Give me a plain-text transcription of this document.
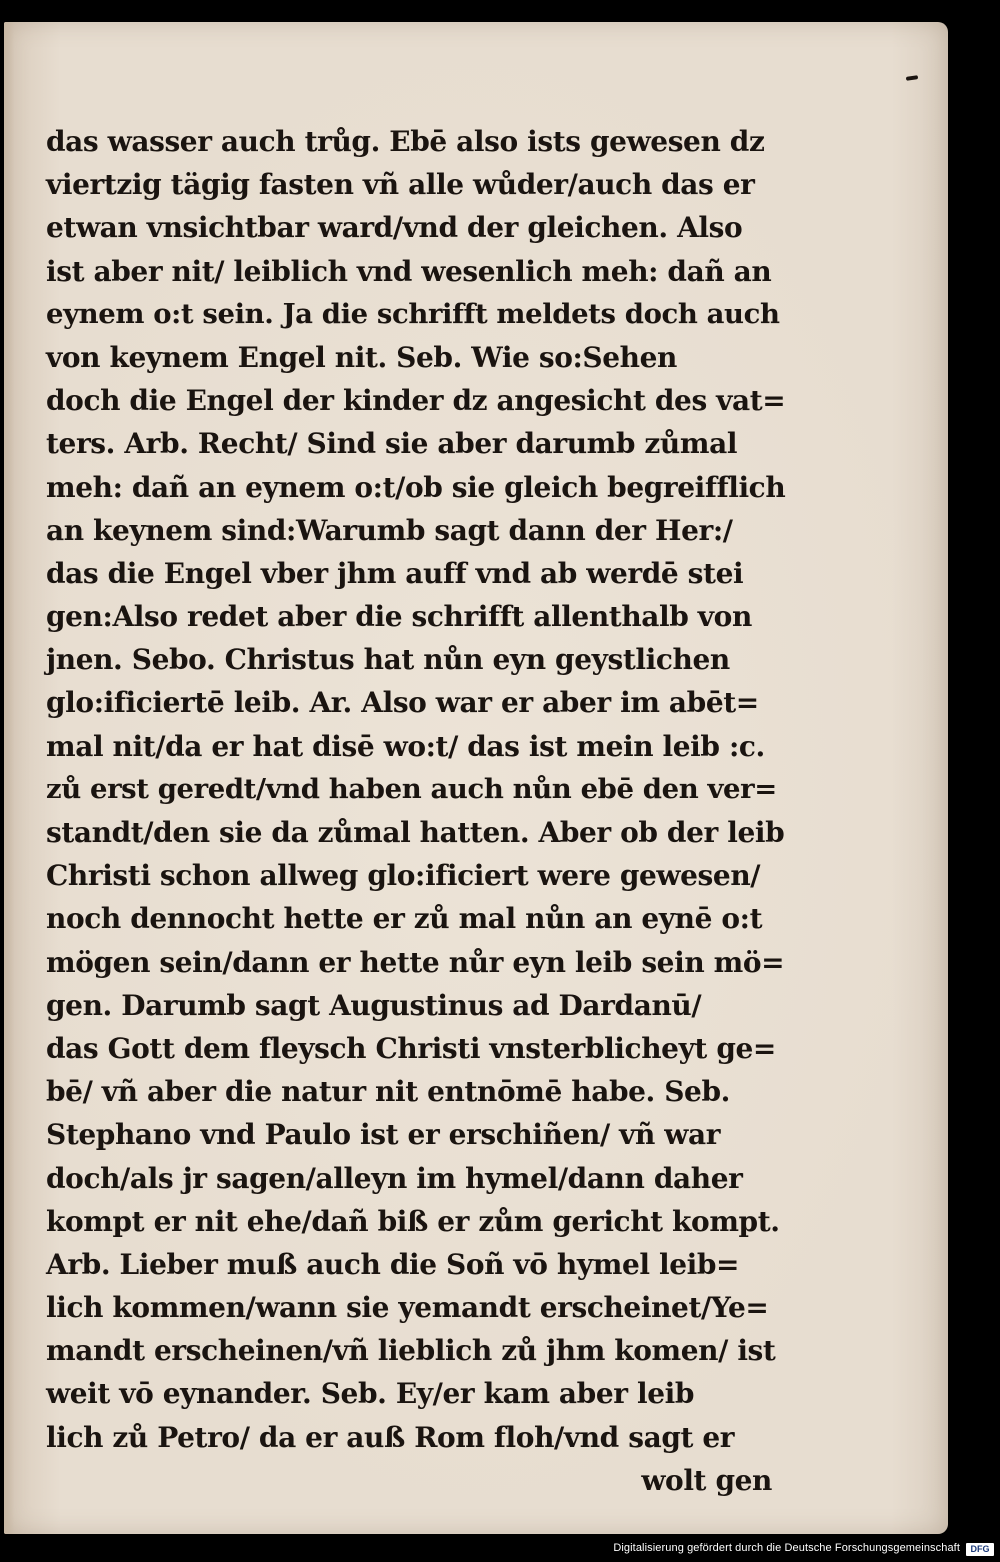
das wasser auch trůg. Ebē also ists gewesen dz
viertzig tägig fasten vñ alle wůder/auch das er
etwan vnsichtbar ward/vnd der gleichen. Also
ist aber nit/ leiblich vnd wesenlich meh: dañ an
eynem o:t sein. Ja die schrifft meldets doch auch
von keynem Engel nit. Seb. Wie so:Sehen
doch die Engel der kinder dz angesicht des vat=
ters. Arb. Recht/ Sind sie aber darumb zůmal
meh: dañ an eynem o:t/ob sie gleich begreifflich
an keynem sind:Warumb sagt dann der Her:/
das die Engel vber jhm auff vnd ab werdē stei
gen:Also redet aber die schrifft allenthalb von
jnen. Sebo. Christus hat nůn eyn geystlichen
glo:ificiertē leib. Ar. Also war er aber im abēt=
mal nit/da er hat disē wo:t/ das ist mein leib :c.
zů erst geredt/vnd haben auch nůn ebē den ver=
standt/den sie da zůmal hatten. Aber ob der leib
Christi schon allweg glo:ificiert were gewesen/
noch dennocht hette er zů mal nůn an eynē o:t
mögen sein/dann er hette nůr eyn leib sein mö=
gen. Darumb sagt Augustinus ad Dardanū/
das Gott dem fleysch Christi vnsterblicheyt ge=
bē/ vñ aber die natur nit entnōmē habe. Seb.
Stephano vnd Paulo ist er erschiñen/ vñ war
doch/als jr sagen/alleyn im hymel/dann daher
kompt er nit ehe/dañ biß er zům gericht kompt.
Arb. Lieber muß auch die Soñ vō hymel leib=
lich kommen/wann sie yemandt erscheinet/Ye=
mandt erscheinen/vñ lieblich zů jhm komen/ ist
weit vō eynander. Seb. Ey/er kam aber leib
lich zů Petro/ da er auß Rom floh/vnd sagt er
wolt gen
Digitalisierung gefördert durch die Deutsche Forschungsgemeinschaft	DFG
